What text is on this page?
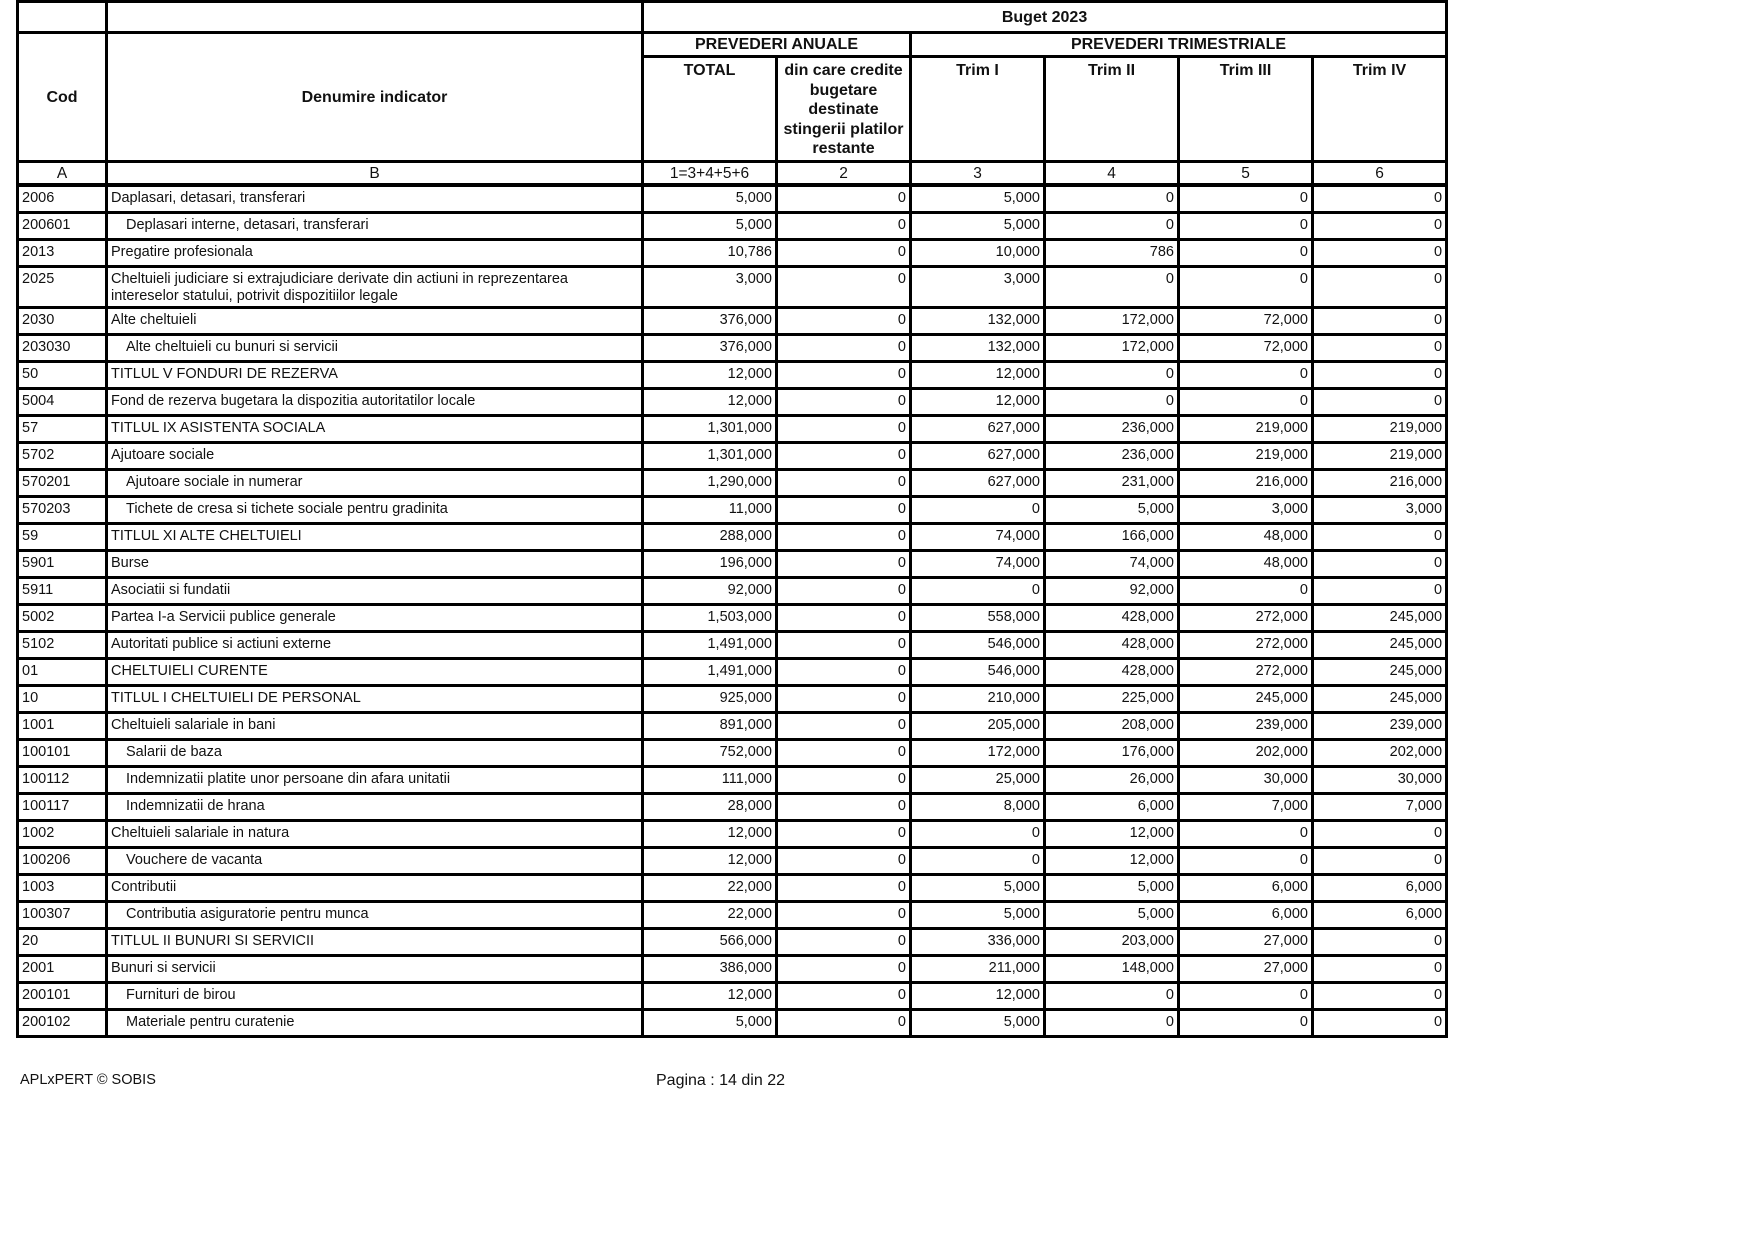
		Buget 2023					
Cod	Denumire indicator	PREVEDERI ANUALE		PREVEDERI TRIMESTRIALE			
		TOTAL	din care credite bugetare destinate stingerii platilor restante	Trim I	Trim II	Trim III	Trim IV
A	B	1=3+4+5+6	2	3	4	5	6
2006	Daplasari, detasari, transferari	5,000	0	5,000	0	0	0
200601	Deplasari interne, detasari, transferari	5,000	0	5,000	0	0	0
2013	Pregatire profesionala	10,786	0	10,000	786	0	0
2025	Cheltuieli judiciare si extrajudiciare derivate din actiuni in reprezentarea intereselor statului, potrivit dispozitiilor legale	3,000	0	3,000	0	0	0
2030	Alte cheltuieli	376,000	0	132,000	172,000	72,000	0
203030	Alte cheltuieli cu bunuri si servicii	376,000	0	132,000	172,000	72,000	0
50	TITLUL V FONDURI DE REZERVA	12,000	0	12,000	0	0	0
5004	Fond de rezerva bugetara la dispozitia autoritatilor locale	12,000	0	12,000	0	0	0
57	TITLUL IX ASISTENTA SOCIALA	1,301,000	0	627,000	236,000	219,000	219,000
5702	Ajutoare sociale	1,301,000	0	627,000	236,000	219,000	219,000
570201	Ajutoare sociale in numerar	1,290,000	0	627,000	231,000	216,000	216,000
570203	Tichete de cresa si tichete sociale pentru gradinita	11,000	0	0	5,000	3,000	3,000
59	TITLUL XI ALTE CHELTUIELI	288,000	0	74,000	166,000	48,000	0
5901	Burse	196,000	0	74,000	74,000	48,000	0
5911	Asociatii si fundatii	92,000	0	0	92,000	0	0
5002	Partea I-a Servicii publice generale	1,503,000	0	558,000	428,000	272,000	245,000
5102	Autoritati publice si actiuni externe	1,491,000	0	546,000	428,000	272,000	245,000
01	CHELTUIELI CURENTE	1,491,000	0	546,000	428,000	272,000	245,000
10	TITLUL I CHELTUIELI DE PERSONAL	925,000	0	210,000	225,000	245,000	245,000
1001	Cheltuieli salariale in bani	891,000	0	205,000	208,000	239,000	239,000
100101	Salarii de baza	752,000	0	172,000	176,000	202,000	202,000
100112	Indemnizatii platite unor persoane din afara unitatii	111,000	0	25,000	26,000	30,000	30,000
100117	Indemnizatii de hrana	28,000	0	8,000	6,000	7,000	7,000
1002	Cheltuieli salariale in natura	12,000	0	0	12,000	0	0
100206	Vouchere de vacanta	12,000	0	0	12,000	0	0
1003	Contributii	22,000	0	5,000	5,000	6,000	6,000
100307	Contributia asiguratorie pentru munca	22,000	0	5,000	5,000	6,000	6,000
20	TITLUL II BUNURI SI SERVICII	566,000	0	336,000	203,000	27,000	0
2001	Bunuri si servicii	386,000	0	211,000	148,000	27,000	0
200101	Furnituri de birou	12,000	0	12,000	0	0	0
200102	Materiale pentru curatenie	5,000	0	5,000	0	0	0
APLxPERT © SOBIS	Pagina : 14 din 22
